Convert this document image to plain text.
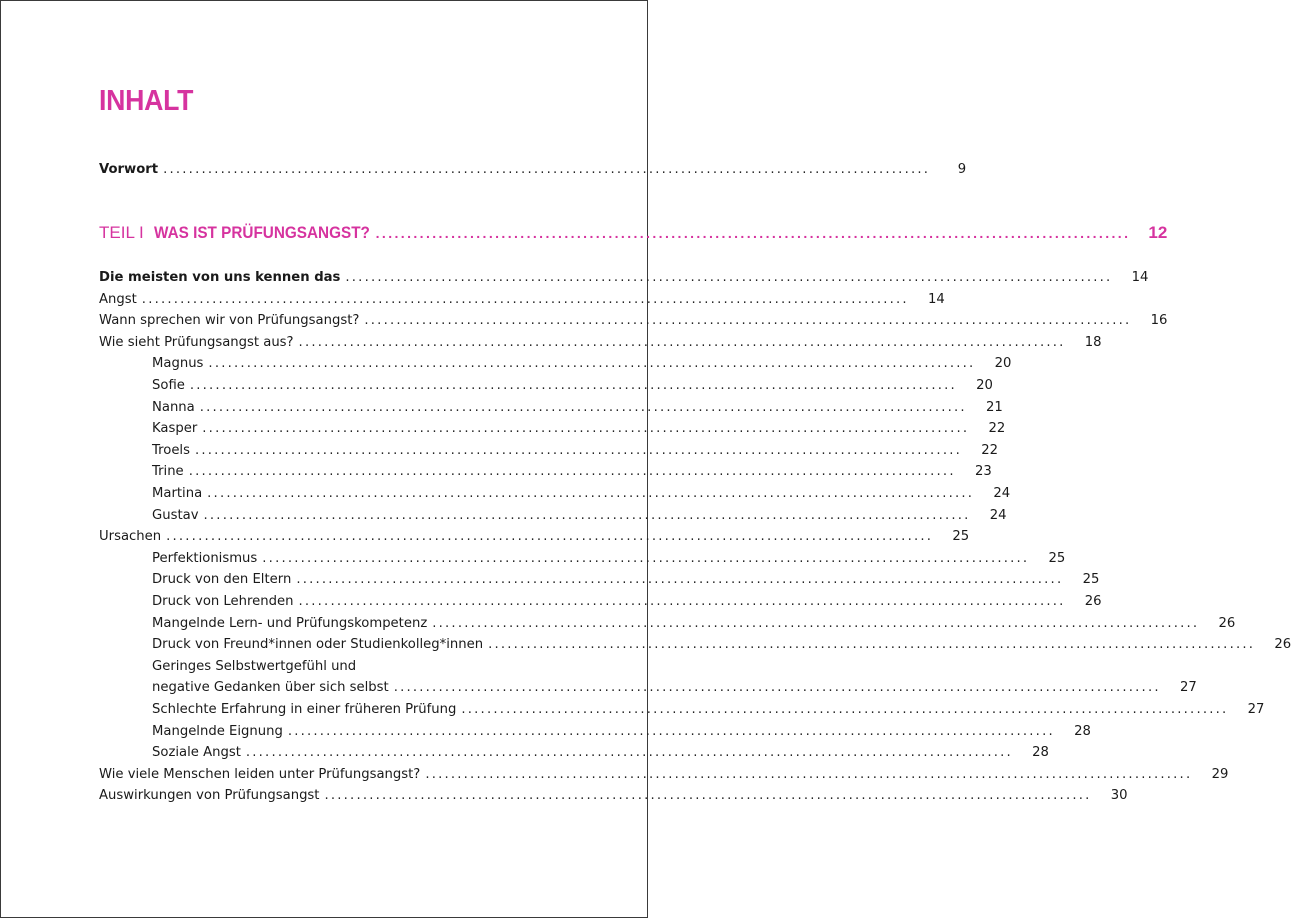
INHALT
Vorwort ........................................................................................................................	9
TEIL I WAS IST PRÜFUNGSANGST? ........................................................................................................................ 12
Die meisten von uns kennen das ........................................................................................................................ 14
Angst ........................................................................................................................ 14
Wann sprechen wir von Prüfungsangst? ........................................................................................................................ 16
Wie sieht Prüfungsangst aus? ........................................................................................................................ 18
Magnus ........................................................................................................................ 20
Sofie ........................................................................................................................ 20
Nanna ........................................................................................................................ 21
Kasper ........................................................................................................................ 22
Troels ........................................................................................................................ 22
Trine ........................................................................................................................ 23
Martina ........................................................................................................................ 24
Gustav ........................................................................................................................ 24
Ursachen ........................................................................................................................ 25
Perfektionismus ........................................................................................................................ 25
Druck von den Eltern ........................................................................................................................ 25
Druck von Lehrenden ........................................................................................................................ 26
Mangelnde Lern- und Prüfungskompetenz ........................................................................................................................ 26
Druck von Freund*innen oder Studienkolleg*innen ........................................................................................................................ 26
Geringes Selbstwertgefühl und
negative Gedanken über sich selbst ........................................................................................................................ 27
Schlechte Erfahrung in einer früheren Prüfung ........................................................................................................................ 27
Mangelnde Eignung ........................................................................................................................ 28
Soziale Angst ........................................................................................................................ 28
Wie viele Menschen leiden unter Prüfungsangst? ........................................................................................................................ 29
Auswirkungen von Prüfungsangst ........................................................................................................................ 30
